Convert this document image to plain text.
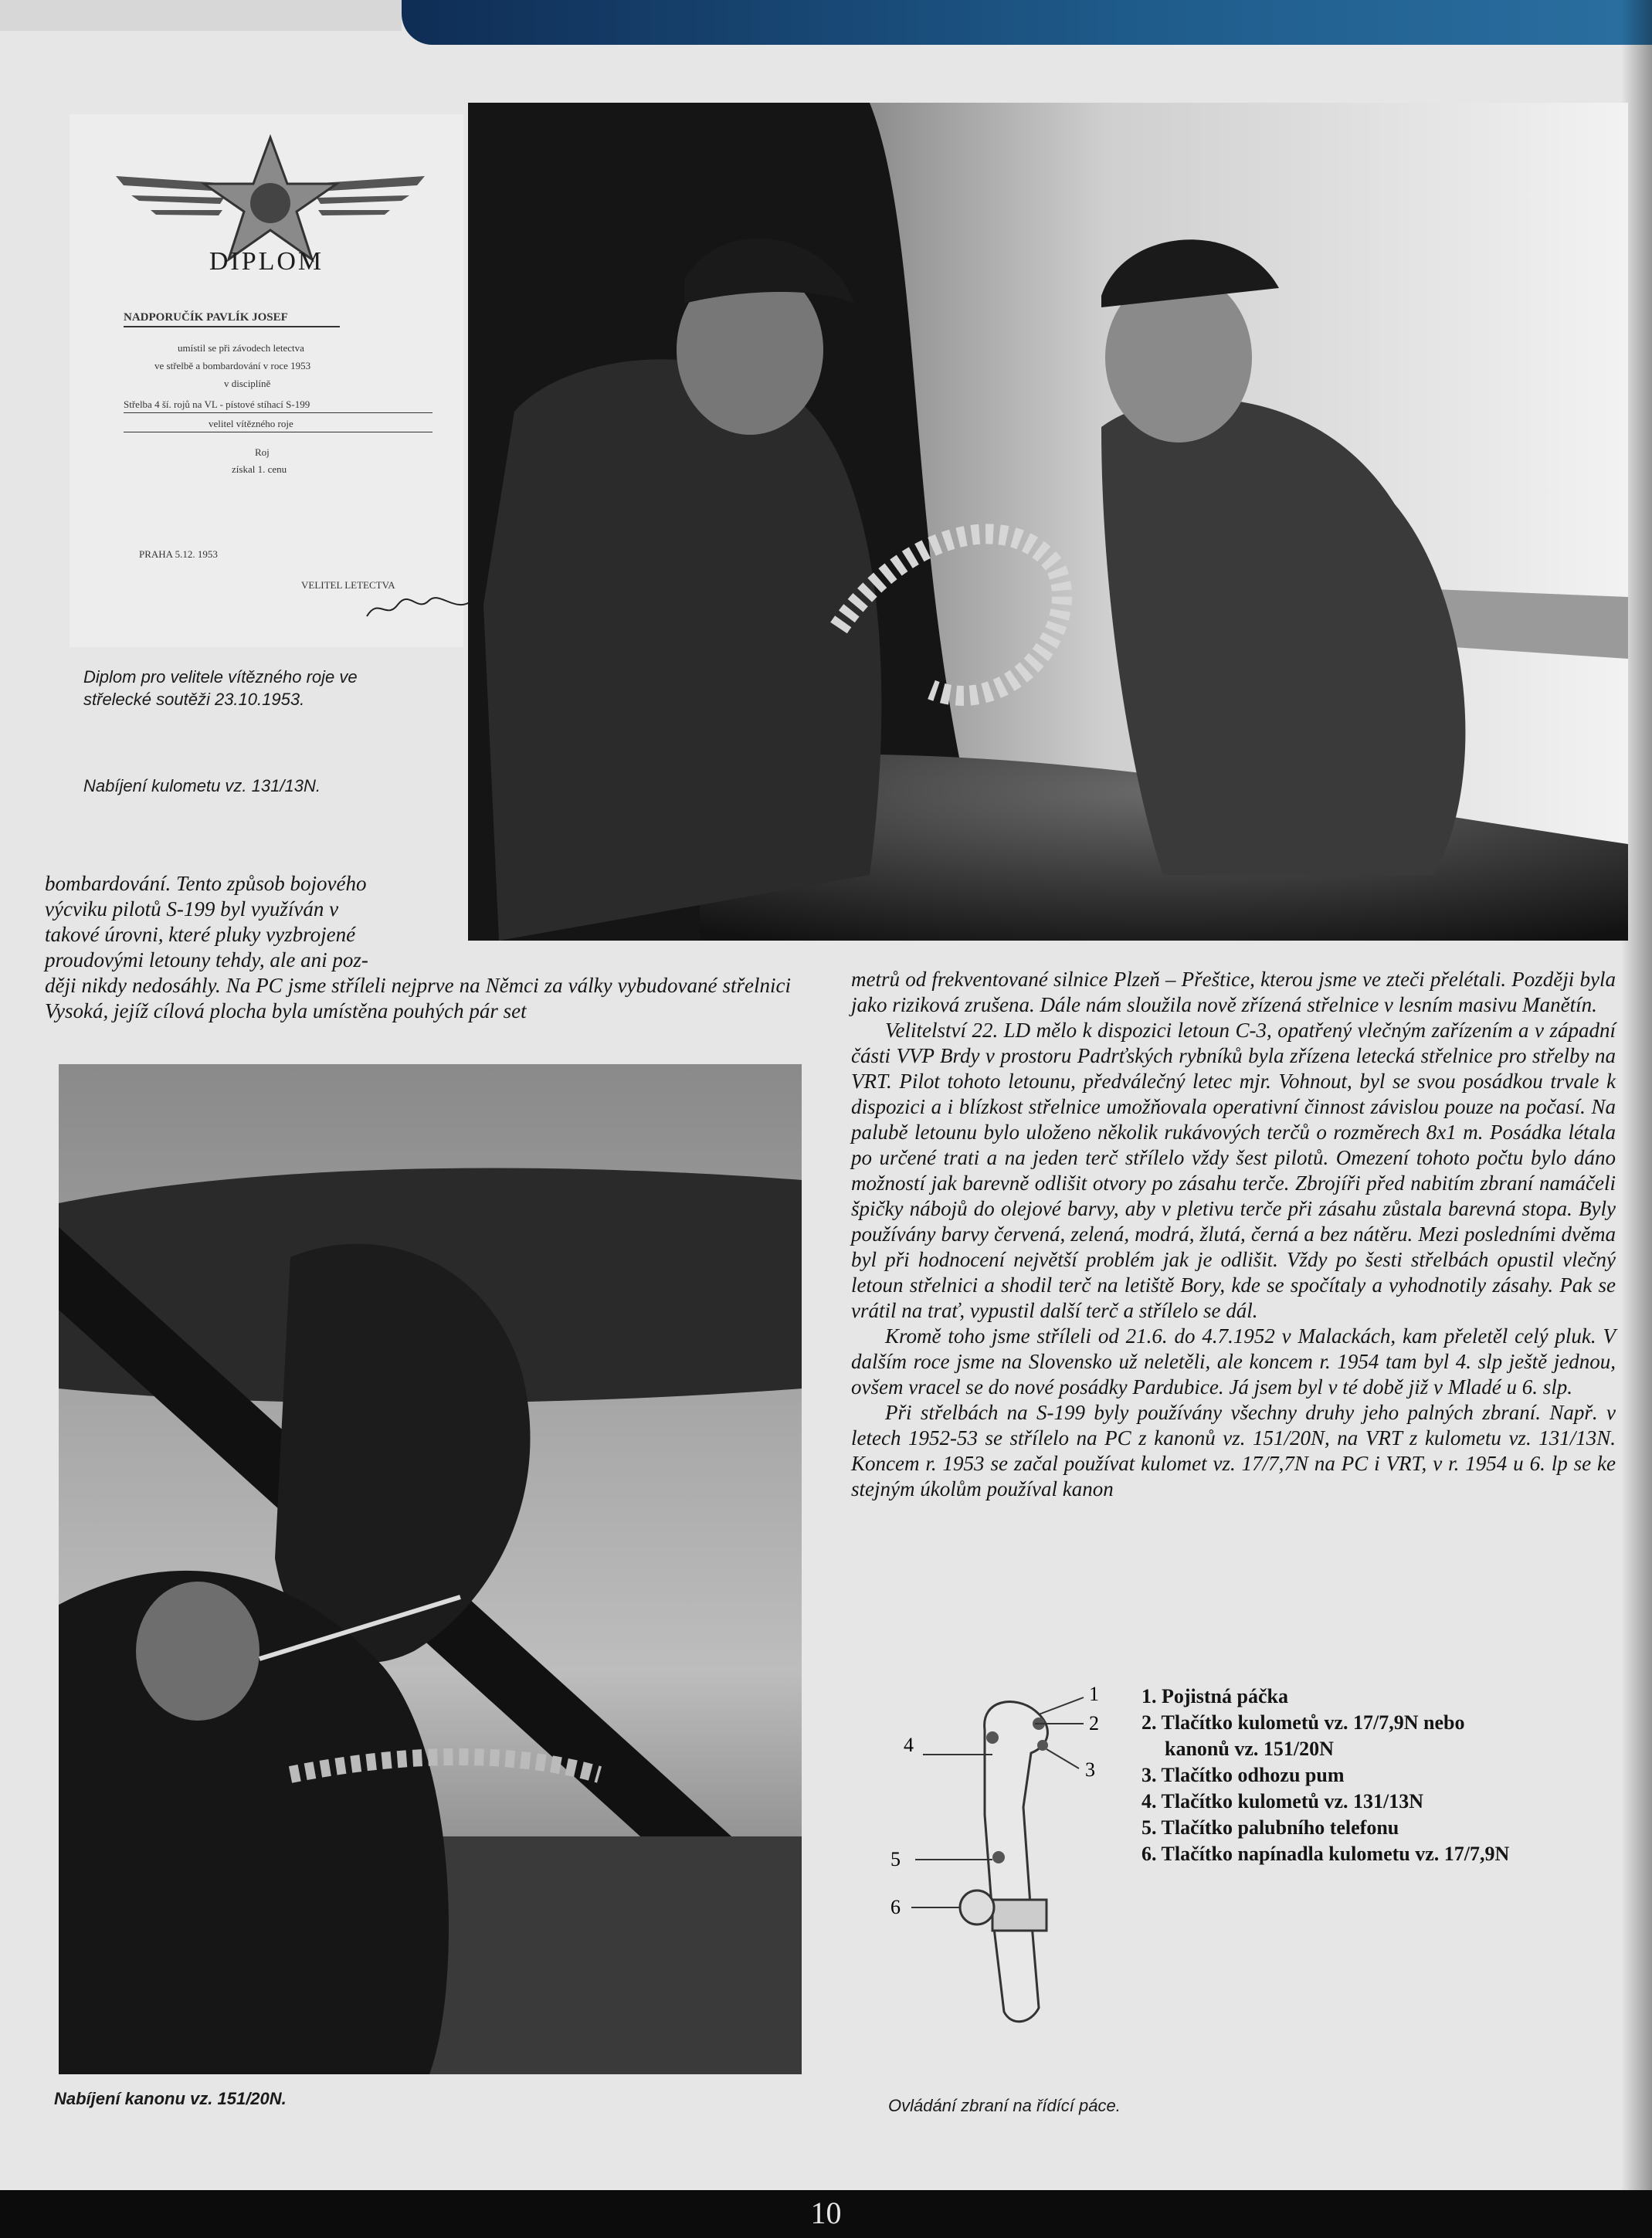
DIPLOM
NADPORUČÍK PAVLÍK JOSEF
umístil se při závodech letectva
ve střelbě a bombardování v roce 1953
v disciplíně
Střelba 4 ší. rojů na VL - pístové stíhací S-199
velitel vítězného roje
Roj
získal 1. cenu
PRAHA 5.12. 1953
VELITEL LETECTVA
Diplom pro velitele vítězného roje ve střelecké soutěži 23.10.1953.
Nabíjení kulometu vz. 131/13N.

bombardování. Tento způsob bojového

výcviku pilotů S-199 byl využíván v

takové úrovni, které pluky vyzbrojené

proudovými letouny tehdy, ale ani poz-

ději nikdy nedosáhly. Na PC jsme stříleli nejprve na Němci za války vybudované střelnici Vysoká, jejíž cílová plocha byla umístěna pouhých pár set

metrů od frekventované silnice Plzeň – Přeštice, kterou jsme ve zteči přelétali. Později byla jako riziková zrušena. Dále nám sloužila nově zřízená střelnice v lesním masivu Manětín.

Velitelství 22. LD mělo k dispozici letoun C-3, opatřený vlečným zařízením a v západní části VVP Brdy v prostoru Padrťských rybníků byla zřízena letecká střelnice pro střelby na VRT. Pilot tohoto letounu, předválečný letec mjr. Vohnout, byl se svou posádkou trvale k dispozici a i blízkost střelnice umožňovala operativní činnost závislou pouze na počasí. Na palubě letounu bylo uloženo několik rukávových terčů o rozměrech 8x1 m. Posádka létala po určené trati a na jeden terč střílelo vždy šest pilotů. Omezení tohoto počtu bylo dáno možností jak barevně odlišit otvory po zásahu terče. Zbrojíři před nabitím zbraní namáčeli špičky nábojů do olejové barvy, aby v pletivu terče při zásahu zůstala barevná stopa. Byly používány barvy červená, zelená, modrá, žlutá, černá a bez nátěru. Mezi posledními dvěma byl při hodnocení největší problém jak je odlišit. Vždy po šesti střelbách opustil vlečný letoun střelnici a shodil terč na letiště Bory, kde se spočítaly a vyhodnotily zásahy. Pak se vrátil na trať, vypustil další terč a střílelo se dál.

Kromě toho jsme stříleli od 21.6. do 4.7.1952 v Malackách, kam přeletěl celý pluk. V dalším roce jsme na Slovensko už neletěli, ale koncem r. 1954 tam byl 4. slp ještě jednou, ovšem vracel se do nové posádky Pardubice. Já jsem byl v té době již v Mladé u 6. slp.

Při střelbách na S-199 byly používány všechny druhy jeho palných zbraní. Např. v letech 1952-53 se střílelo na PC z kanonů vz. 151/20N, na VRT z kulometu vz. 131/13N. Koncem r. 1953 se začal používat kulomet vz. 17/7,7N na PC i VRT, v r. 1954 u 6. lp se ke stejným úkolům používal kanon

Nabíjení kanonu vz. 151/20N.
1
2
3
4
5
6
1. Pojistná páčka
2. Tlačítko kulometů vz. 17/7,9N nebo
kanonů vz. 151/20N
3. Tlačítko odhozu pum
4. Tlačítko kulometů vz. 131/13N
5. Tlačítko palubního telefonu
6. Tlačítko napínadla kulometu vz. 17/7,9N
Ovládání zbraní na řídící páce.
10
